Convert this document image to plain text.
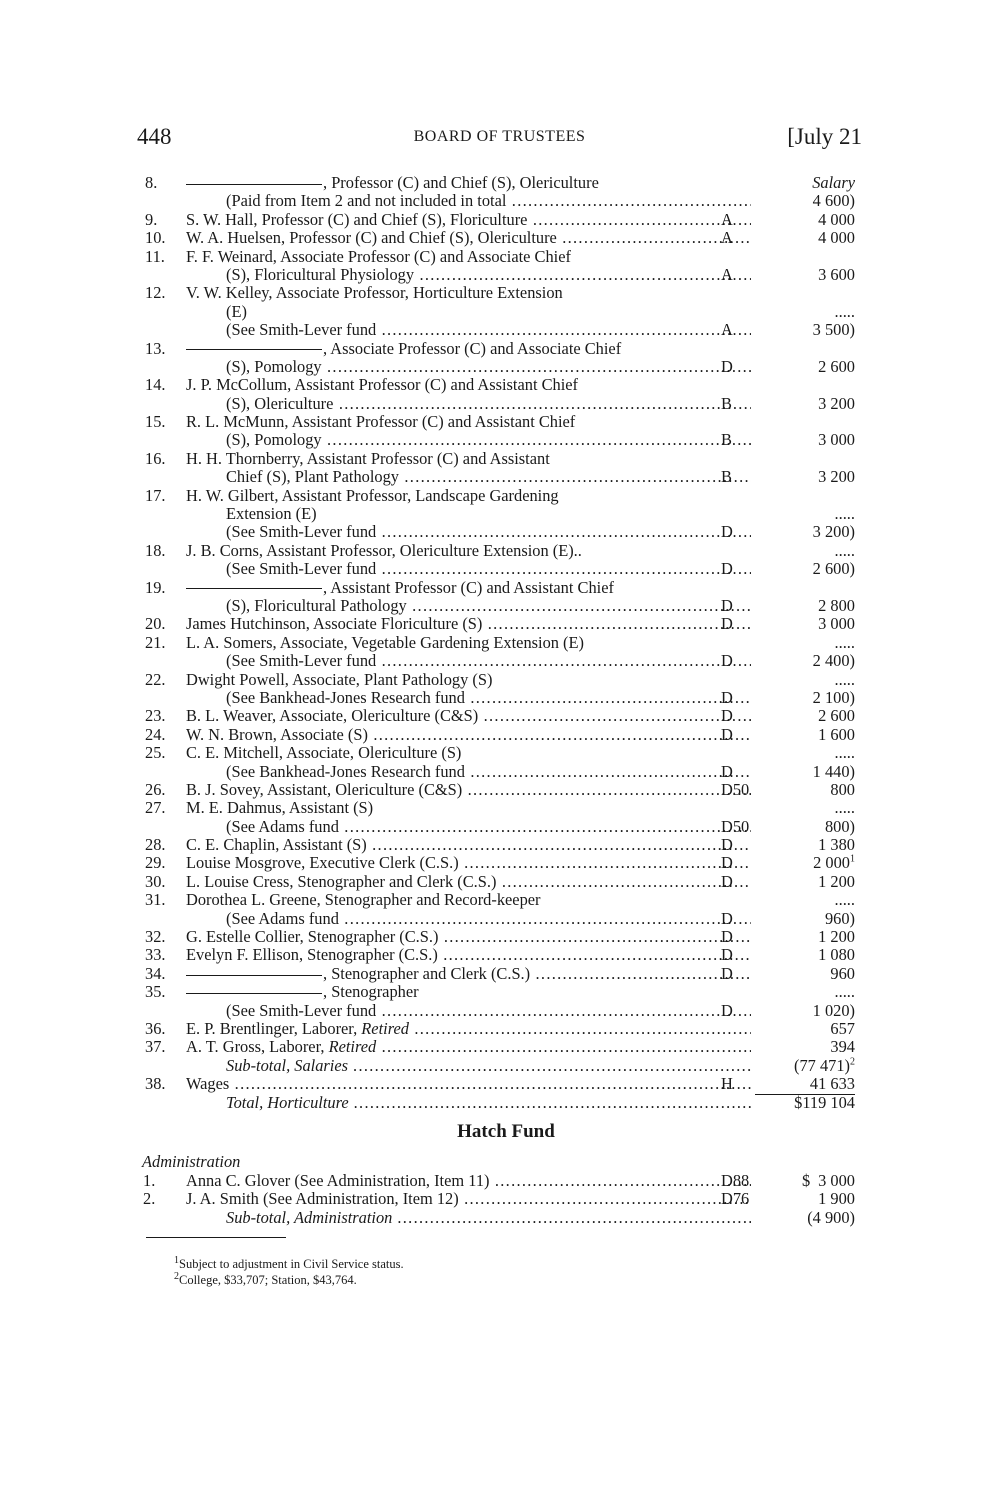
448	BOARD OF TRUSTEES	[July 21
8.	, Professor (C) and Chief (S), Olericulture	Salary
(Paid from Item 2 and not included in total .....	4 600)
9.	S. W. Hall, Professor (C) and Chief (S), Floriculture .....	A	4 000
10.	W. A. Huelsen, Professor (C) and Chief (S), Olericulture .....	A	4 000
11.	F. F. Weinard, Associate Professor (C) and Associate Chief
(S), Floricultural Physiology .....	A	3 600
12.	V. W. Kelley, Associate Professor, Horticulture Extension
(E)	.....
(See Smith-Lever fund .....	A	3 500)
13.	, Associate Professor (C) and Associate Chief
(S), Pomology .....	D	2 600
14.	J. P. McCollum, Assistant Professor (C) and Assistant Chief
(S), Olericulture .....	B	3 200
15.	R. L. McMunn, Assistant Professor (C) and Assistant Chief
(S), Pomology .....	B	3 000
16.	H. H. Thornberry, Assistant Professor (C) and Assistant
Chief (S), Plant Pathology .....	B	3 200
17.	H. W. Gilbert, Assistant Professor, Landscape Gardening
Extension (E)	.....
(See Smith-Lever fund .....	D	3 200)
18.	J. B. Corns, Assistant Professor, Olericulture Extension (E)..	.....
(See Smith-Lever fund .....	D	2 600)
19.	, Assistant Professor (C) and Assistant Chief
(S), Floricultural Pathology .....	D	2 800
20.	James Hutchinson, Associate Floriculture (S) .....	D	3 000
21.	L. A. Somers, Associate, Vegetable Gardening Extension (E)	.....
(See Smith-Lever fund .....	D	2 400)
22.	Dwight Powell, Associate, Plant Pathology (S)	.....
(See Bankhead-Jones Research fund .....	D	2 100)
23.	B. L. Weaver, Associate, Olericulture (C&S) .....	D	2 600
24.	W. N. Brown, Associate (S) .....	D	1 600
25.	C. E. Mitchell, Associate, Olericulture (S)	.....
(See Bankhead-Jones Research fund .....	D	1 440)
26.	B. J. Sovey, Assistant, Olericulture (C&S) .....	D50	800
27.	M. E. Dahmus, Assistant (S)	.....
(See Adams fund .....	D50	800)
28.	C. E. Chaplin, Assistant (S) .....	D	1 380
29.	Louise Mosgrove, Executive Clerk (C.S.) .....	D	2 $000^1$
30.	L. Louise Cress, Stenographer and Clerk (C.S.) .....	D	1 200
31.	Dorothea L. Greene, Stenographer and Record-keeper	.....
(See Adams fund .....	D	960)
32.	G. Estelle Collier, Stenographer (C.S.) .....	D	1 200
33.	Evelyn F. Ellison, Stenographer (C.S.) .....	D	1 080
34.	, Stenographer and Clerk (C.S.) .....	D	960
35.	, Stenographer	.....
(See Smith-Lever fund .....	D	1 020)
36.	E. P. Brentlinger, Laborer, Retired .....	657
37.	A. T. Gross, Laborer, Retired .....	394
Sub-total, Salaries .....	(77 471)$^2$
38.	Wages .....	H	41 633
Total, Horticulture .....	$119 104
Hatch Fund
Administration
1.	Anna C. Glover (See Administration, Item 11) .....	D88	$ 3 000
2.	J. A. Smith (See Administration, Item 12) .....	D76	1 900
Sub-total, Administration .....	(4 900)
$^1$Subject to adjustment in Civil Service status.
$^2$College, $33,707; Station, $43,764.
